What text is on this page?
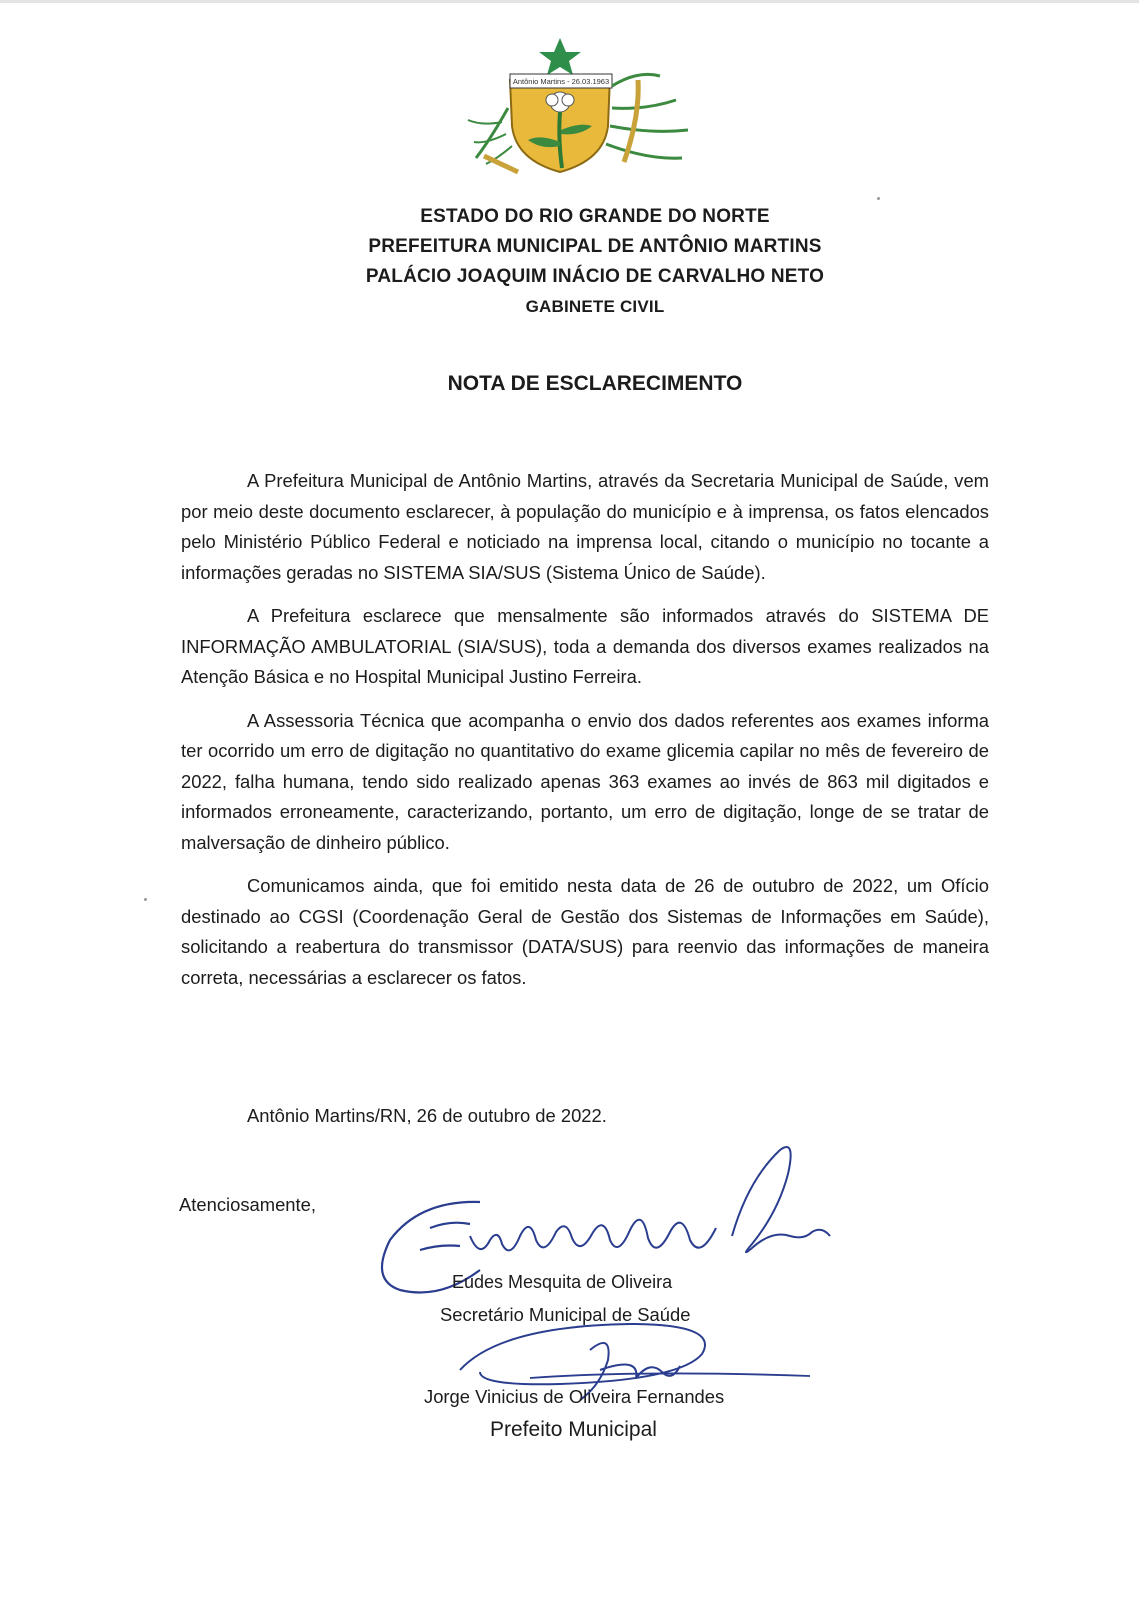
Antônio Martins - 26.03.1963
ESTADO DO RIO GRANDE DO NORTE
PREFEITURA MUNICIPAL DE ANTÔNIO MARTINS
PALÁCIO JOAQUIM INÁCIO DE CARVALHO NETO
GABINETE CIVIL
NOTA DE ESCLARECIMENTO

A Prefeitura Municipal de Antônio Martins, através da Secretaria Municipal de Saúde, vem por meio deste documento esclarecer, à população do município e à imprensa, os fatos elencados pelo Ministério Público Federal e noticiado na imprensa local, citando o município no tocante a informações geradas no SISTEMA SIA/SUS (Sistema Único de Saúde).

A Prefeitura esclarece que mensalmente são informados através do SISTEMA DE INFORMAÇÃO AMBULATORIAL (SIA/SUS), toda a demanda dos diversos exames realizados na Atenção Básica e no Hospital Municipal Justino Ferreira.

A Assessoria Técnica que acompanha o envio dos dados referentes aos exames informa ter ocorrido um erro de digitação no quantitativo do exame glicemia capilar no mês de fevereiro de 2022, falha humana, tendo sido realizado apenas 363 exames ao invés de 863 mil digitados e informados erroneamente, caracterizando, portanto, um erro de digitação, longe de se tratar de malversação de dinheiro público.

Comunicamos ainda, que foi emitido nesta data de 26 de outubro de 2022, um Ofício destinado ao CGSI (Coordenação Geral de Gestão dos Sistemas de Informações em Saúde), solicitando a reabertura do transmissor (DATA/SUS) para reenvio das informações de maneira correta, necessárias a esclarecer os fatos.

Antônio Martins/RN, 26 de outubro de 2022.
Atenciosamente,
Eudes Mesquita de Oliveira
Secretário Municipal de Saúde
Jorge Vinicius de Oliveira Fernandes
Prefeito Municipal
